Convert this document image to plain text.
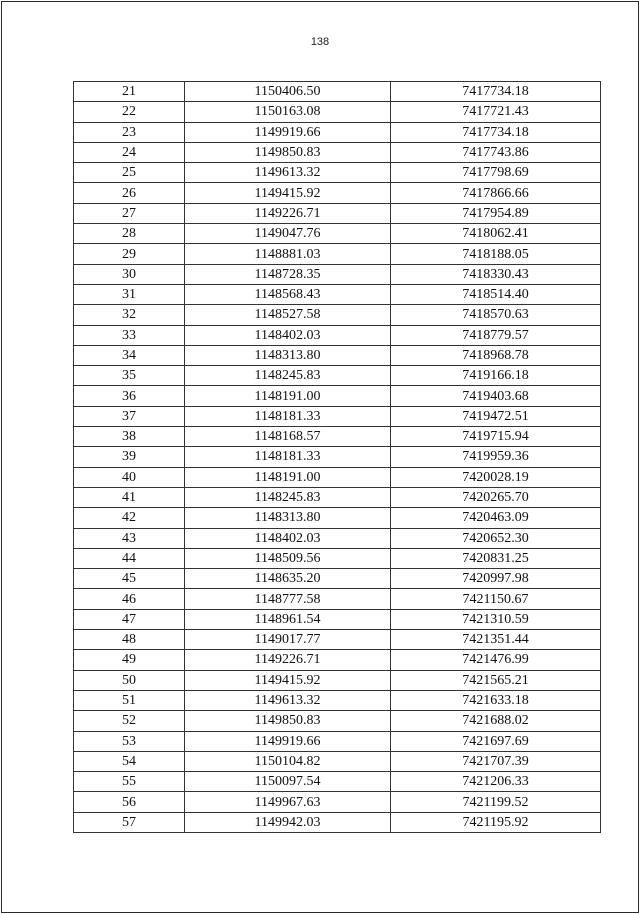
138
21	1150406.50	7417734.18
22	1150163.08	7417721.43
23	1149919.66	7417734.18
24	1149850.83	7417743.86
25	1149613.32	7417798.69
26	1149415.92	7417866.66
27	1149226.71	7417954.89
28	1149047.76	7418062.41
29	1148881.03	7418188.05
30	1148728.35	7418330.43
31	1148568.43	7418514.40
32	1148527.58	7418570.63
33	1148402.03	7418779.57
34	1148313.80	7418968.78
35	1148245.83	7419166.18
36	1148191.00	7419403.68
37	1148181.33	7419472.51
38	1148168.57	7419715.94
39	1148181.33	7419959.36
40	1148191.00	7420028.19
41	1148245.83	7420265.70
42	1148313.80	7420463.09
43	1148402.03	7420652.30
44	1148509.56	7420831.25
45	1148635.20	7420997.98
46	1148777.58	7421150.67
47	1148961.54	7421310.59
48	1149017.77	7421351.44
49	1149226.71	7421476.99
50	1149415.92	7421565.21
51	1149613.32	7421633.18
52	1149850.83	7421688.02
53	1149919.66	7421697.69
54	1150104.82	7421707.39
55	1150097.54	7421206.33
56	1149967.63	7421199.52
57	1149942.03	7421195.92
